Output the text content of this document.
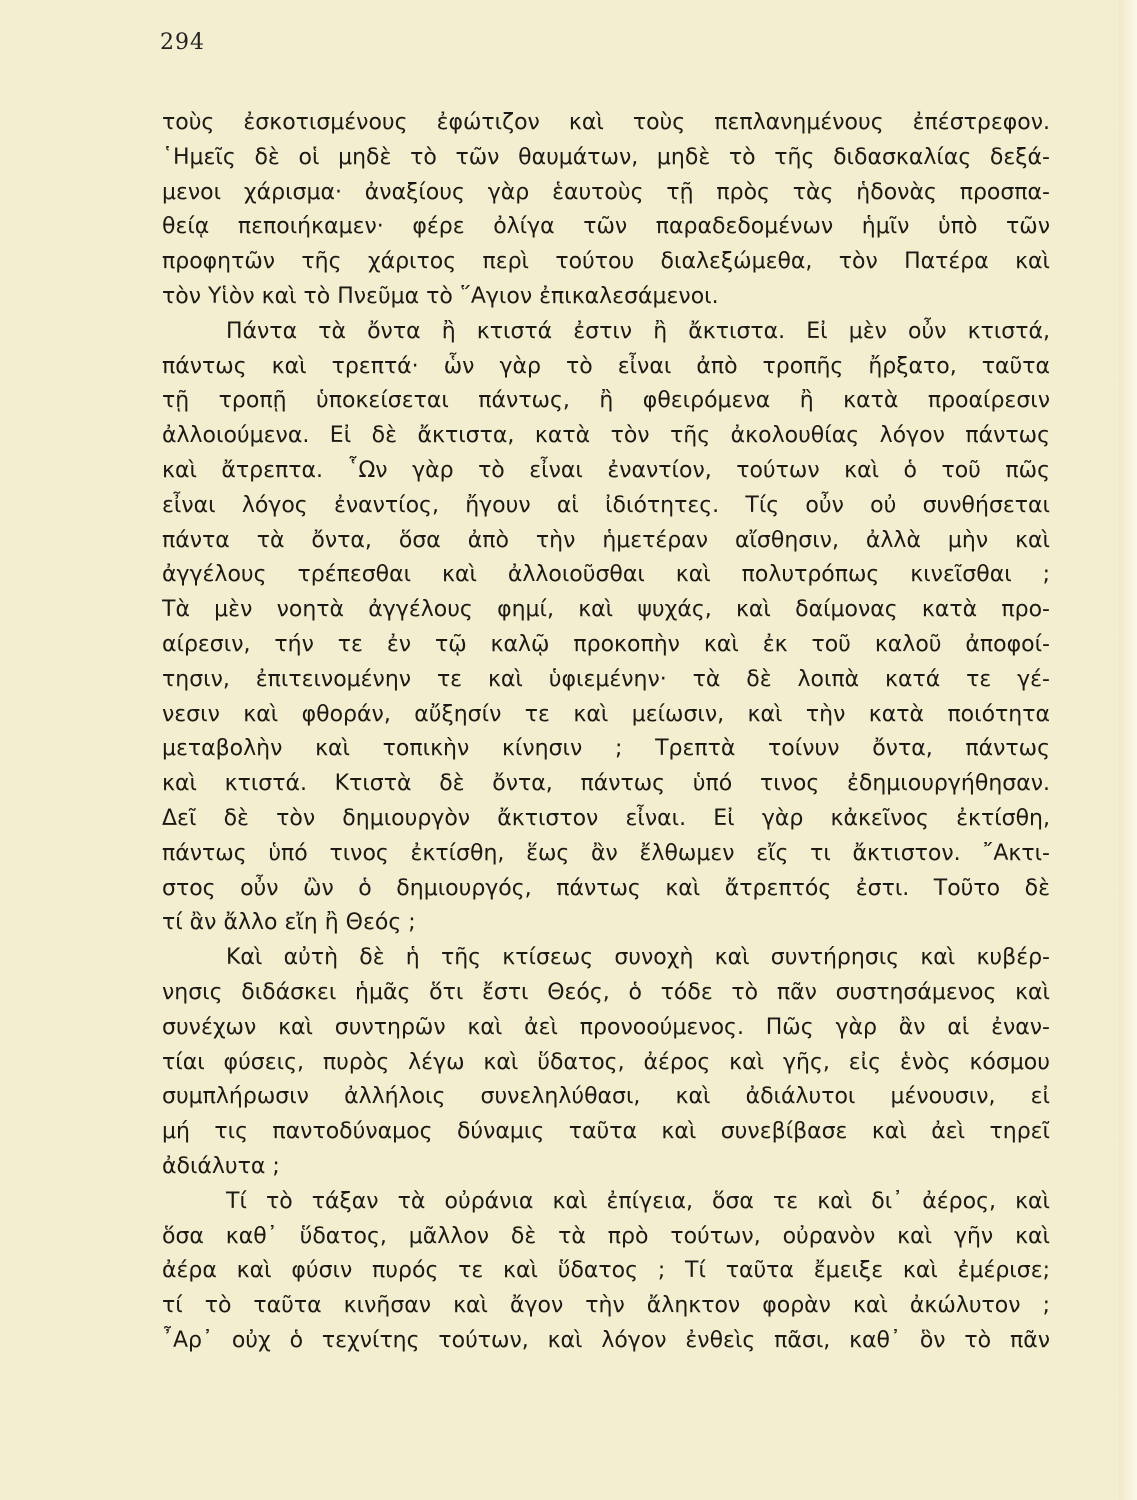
294
τοὺς ἐσκοτισμένους ἐφώτιζον καὶ τοὺς πεπλανημένους ἐπέστρεφον.
῾Ημεῖς δὲ οἱ μηδὲ τὸ τῶν θαυμάτων, μηδὲ τὸ τῆς διδασκαλίας δεξά-
μενοι χάρισμα· ἀναξίους γὰρ ἑαυτοὺς τῇ πρὸς τὰς ἡδονὰς προσπα-
θείᾳ πεποιήκαμεν· φέρε ὀλίγα τῶν παραδεδομένων ἡμῖν ὑπὸ τῶν
προφητῶν τῆς χάριτος περὶ τούτου διαλεξώμεθα, τὸν Πατέρα καὶ
τὸν Υἱὸν καὶ τὸ Πνεῦμα τὸ ῞Αγιον ἐπικαλεσάμενοι.
Πάντα τὰ ὄντα ἢ κτιστά ἐστιν ἢ ἄκτιστα. Εἰ μὲν οὖν κτιστά,
πάντως καὶ τρεπτά· ὧν γὰρ τὸ εἶναι ἀπὸ τροπῆς ἤρξατο, ταῦτα
τῇ τροπῇ ὑποκείσεται πάντως, ἢ φθειρόμενα ἢ κατὰ προαίρεσιν
ἀλλοιούμενα. Εἰ δὲ ἄκτιστα, κατὰ τὸν τῆς ἀκολουθίας λόγον πάντως
καὶ ἄτρεπτα. ῟Ων γὰρ τὸ εἶναι ἐναντίον, τούτων καὶ ὁ τοῦ πῶς
εἶναι λόγος ἐναντίος, ἤγουν αἱ ἰδιότητες. Τίς οὖν οὐ συνθήσεται
πάντα τὰ ὄντα, ὅσα ἀπὸ τὴν ἡμετέραν αἴσθησιν, ἀλλὰ μὴν καὶ
ἀγγέλους τρέπεσθαι καὶ ἀλλοιοῦσθαι καὶ πολυτρόπως κινεῖσθαι ;
Τὰ μὲν νοητὰ ἀγγέλους φημί, καὶ ψυχάς, καὶ δαίμονας κατὰ προ-
αίρεσιν, τήν τε ἐν τῷ καλῷ προκοπὴν καὶ ἐκ τοῦ καλοῦ ἀποφοί-
τησιν, ἐπιτεινομένην τε καὶ ὑφιεμένην· τὰ δὲ λοιπὰ κατά τε γέ-
νεσιν καὶ φθοράν, αὔξησίν τε καὶ μείωσιν, καὶ τὴν κατὰ ποιότητα
μεταβολὴν καὶ τοπικὴν κίνησιν ; Τρεπτὰ τοίνυν ὄντα, πάντως
καὶ κτιστά. Κτιστὰ δὲ ὄντα, πάντως ὑπό τινος ἐδημιουργήθησαν.
Δεῖ δὲ τὸν δημιουργὸν ἄκτιστον εἶναι. Εἰ γὰρ κἀκεῖνος ἐκτίσθη,
πάντως ὑπό τινος ἐκτίσθη, ἕως ἂν ἔλθωμεν εἴς τι ἄκτιστον. ῎Ακτι-
στος οὖν ὢν ὁ δημιουργός, πάντως καὶ ἄτρεπτός ἐστι. Τοῦτο δὲ
τί ἂν ἄλλο εἴη ἢ Θεός ;
Καὶ αὐτὴ δὲ ἡ τῆς κτίσεως συνοχὴ καὶ συντήρησις καὶ κυβέρ-
νησις διδάσκει ἡμᾶς ὅτι ἔστι Θεός, ὁ τόδε τὸ πᾶν συστησάμενος καὶ
συνέχων καὶ συντηρῶν καὶ ἀεὶ προνοούμενος. Πῶς γὰρ ἂν αἱ ἐναν-
τίαι φύσεις, πυρὸς λέγω καὶ ὕδατος, ἀέρος καὶ γῆς, εἰς ἑνὸς κόσμου
συμπλήρωσιν ἀλλήλοις συνεληλύθασι, καὶ ἀδιάλυτοι μένουσιν, εἰ
μή τις παντοδύναμος δύναμις ταῦτα καὶ συνεβίβασε καὶ ἀεὶ τηρεῖ
ἀδιάλυτα ;
Τί τὸ τάξαν τὰ οὐράνια καὶ ἐπίγεια, ὅσα τε καὶ δι᾽ ἀέρος, καὶ
ὅσα καθ᾽ ὕδατος, μᾶλλον δὲ τὰ πρὸ τούτων, οὐρανὸν καὶ γῆν καὶ
ἀέρα καὶ φύσιν πυρός τε καὶ ὕδατος ; Τί ταῦτα ἔμειξε καὶ ἐμέρισε;
τί τὸ ταῦτα κινῆσαν καὶ ἄγον τὴν ἄληκτον φορὰν καὶ ἀκώλυτον ;
῏Αρ᾽ οὐχ ὁ τεχνίτης τούτων, καὶ λόγον ἐνθεὶς πᾶσι, καθ᾽ ὃν τὸ πᾶν
